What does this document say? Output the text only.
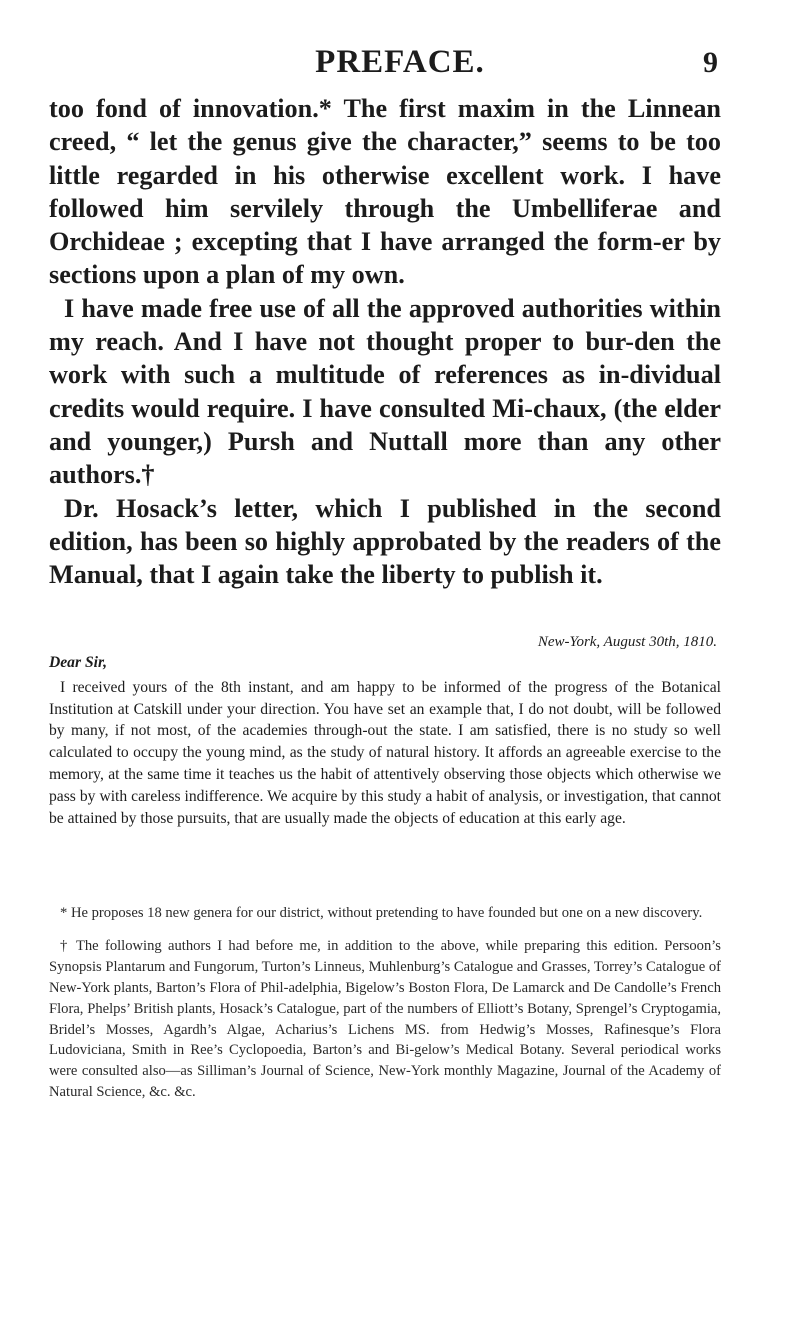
PREFACE.	9

too fond of innovation.* The first maxim in the Linnean creed, “ let the genus give the character,” seems to be too little regarded in his otherwise excellent work. I have followed him servilely through the Umbelliferae and Orchideae ; excepting that I have arranged the form-er by sections upon a plan of my own.

I have made free use of all the approved authorities within my reach. And I have not thought proper to bur-den the work with such a multitude of references as in-dividual credits would require. I have consulted Mi-chaux, (the elder and younger,) Pursh and Nuttall more than any other authors.†

Dr. Hosack’s letter, which I published in the second edition, has been so highly approbated by the readers of the Manual, that I again take the liberty to publish it.

New-York, August 30th, 1810.

Dear Sir,

I received yours of the 8th instant, and am happy to be informed of the progress of the Botanical Institution at Catskill under your direction. You have set an example that, I do not doubt, will be followed by many, if not most, of the academies through-out the state. I am satisfied, there is no study so well calculated to occupy the young mind, as the study of natural history. It affords an agreeable exercise to the memory, at the same time it teaches us the habit of attentively observing those objects which otherwise we pass by with careless indifference. We acquire by this study a habit of analysis, or investigation, that cannot be attained by those pursuits, that are usually made the objects of education at this early age.

* He proposes 18 new genera for our district, without pretending to have founded but one on a new discovery.

† The following authors I had before me, in addition to the above, while preparing this edition. Persoon’s Synopsis Plantarum and Fungorum, Turton’s Linneus, Muhlenburg’s Catalogue and Grasses, Torrey’s Catalogue of New-York plants, Barton’s Flora of Phil-adelphia, Bigelow’s Boston Flora, De Lamarck and De Candolle’s French Flora, Phelps’ British plants, Hosack’s Catalogue, part of the numbers of Elliott’s Botany, Sprengel’s Cryptogamia, Bridel’s Mosses, Agardh’s Algae, Acharius’s Lichens MS. from Hedwig’s Mosses, Rafinesque’s Flora Ludoviciana, Smith in Ree’s Cyclopoedia, Barton’s and Bi-gelow’s Medical Botany. Several periodical works were consulted also—as Silliman’s Journal of Science, New-York monthly Magazine, Journal of the Academy of Natural Science, &c. &c.
